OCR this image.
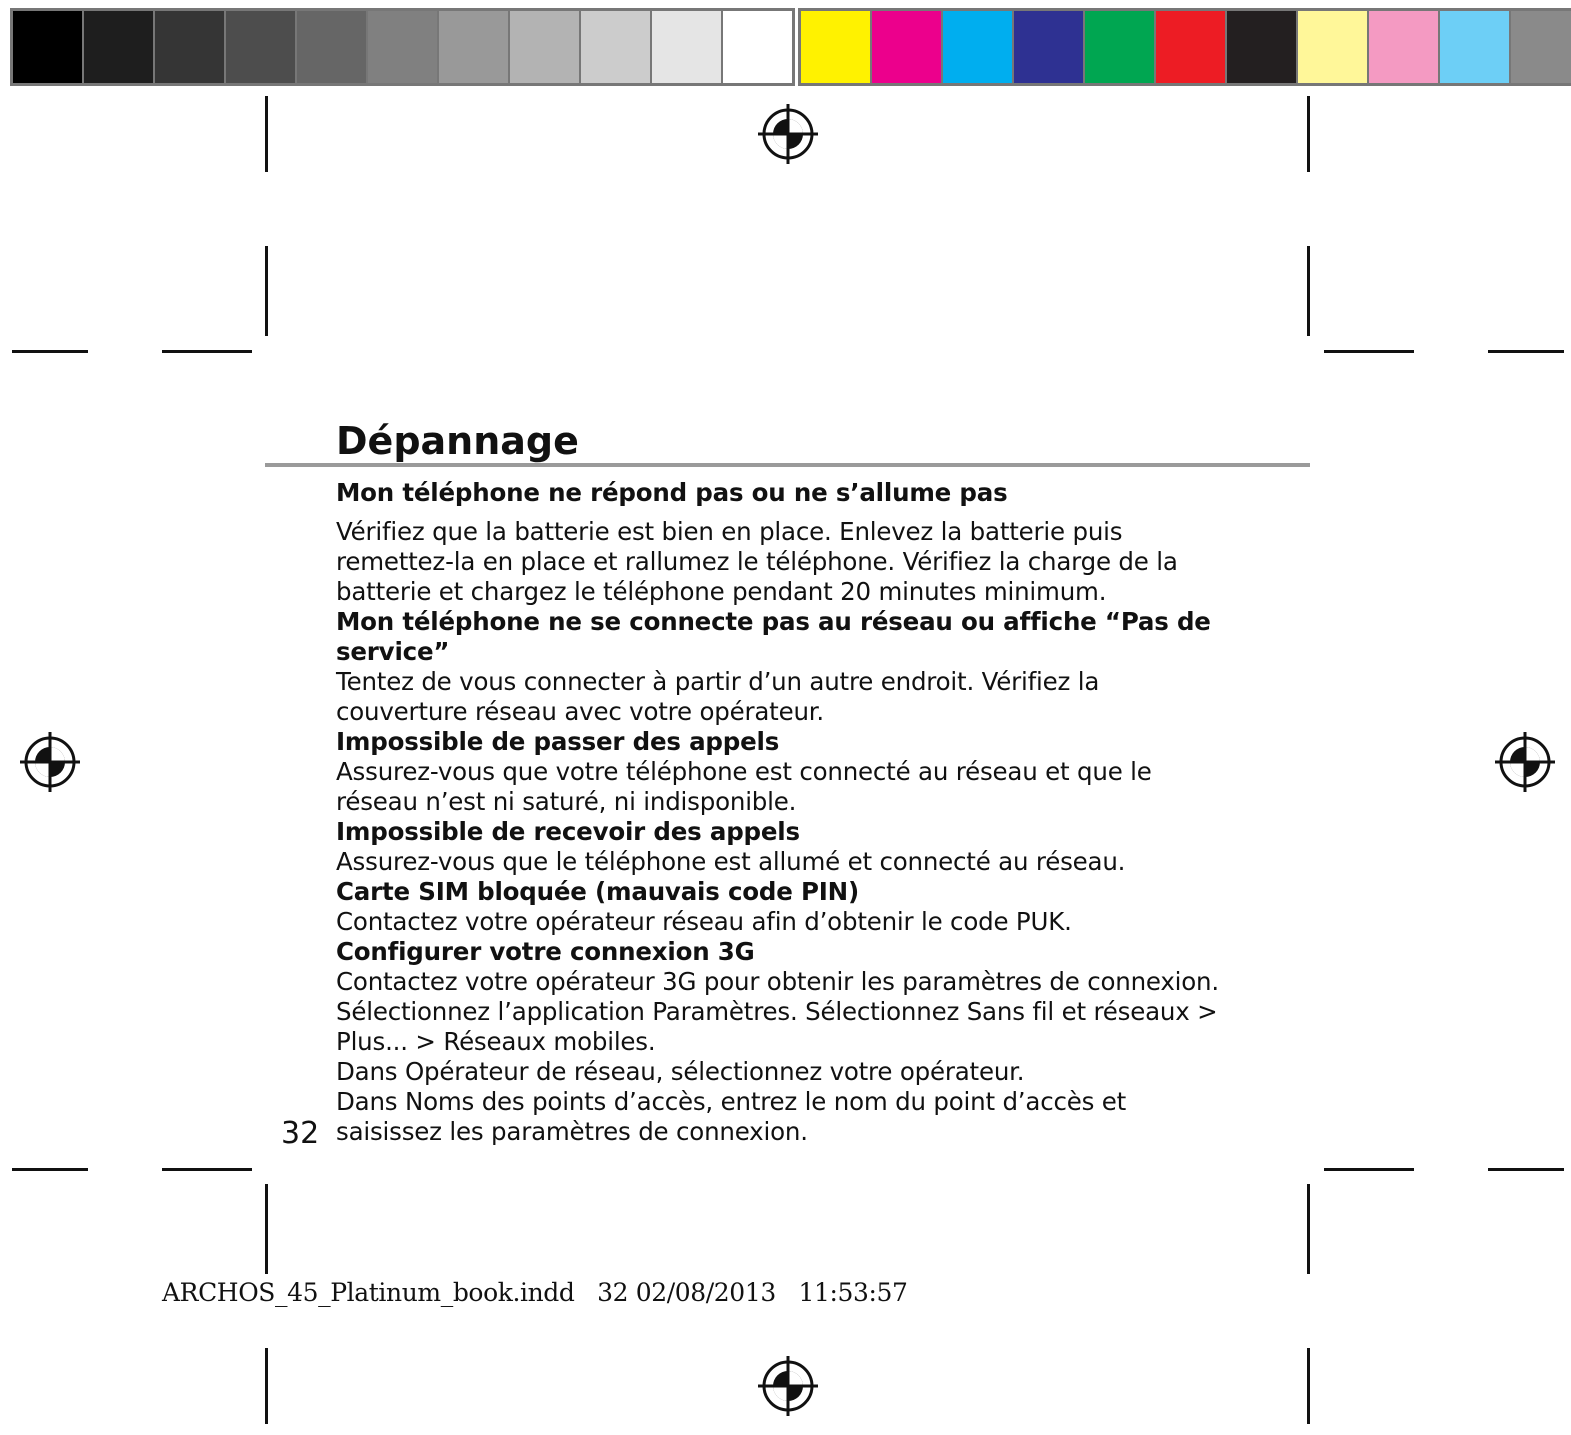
Dépannage

Mon téléphone ne répond pas ou ne s’allume pas

Vérifiez que la batterie est bien en place. Enlevez la batterie puis

remettez-la en place et rallumez le téléphone. Vérifiez la charge de la

batterie et chargez le téléphone pendant 20 minutes minimum.

Mon téléphone ne se connecte pas au réseau ou affiche “Pas de

service”

Tentez de vous connecter à partir d’un autre endroit. Vérifiez la

couverture réseau avec votre opérateur.

Impossible de passer des appels

Assurez-vous que votre téléphone est connecté au réseau et que le

réseau n’est ni saturé, ni indisponible.

Impossible de recevoir des appels

Assurez-vous que le téléphone est allumé et connecté au réseau.

Carte SIM bloquée (mauvais code PIN)

Contactez votre opérateur réseau afin d’obtenir le code PUK.

Configurer votre connexion 3G

Contactez votre opérateur 3G pour obtenir les paramètres de connexion.

Sélectionnez l’application Paramètres. Sélectionnez Sans fil et réseaux >

Plus... > Réseaux mobiles.

Dans Opérateur de réseau, sélectionnez votre opérateur.

Dans Noms des points d’accès, entrez le nom du point d’accès et

saisissez les paramètres de connexion.

32
ARCHOS_45_Platinum_book.indd 32 02/08/2013 11:53:57
